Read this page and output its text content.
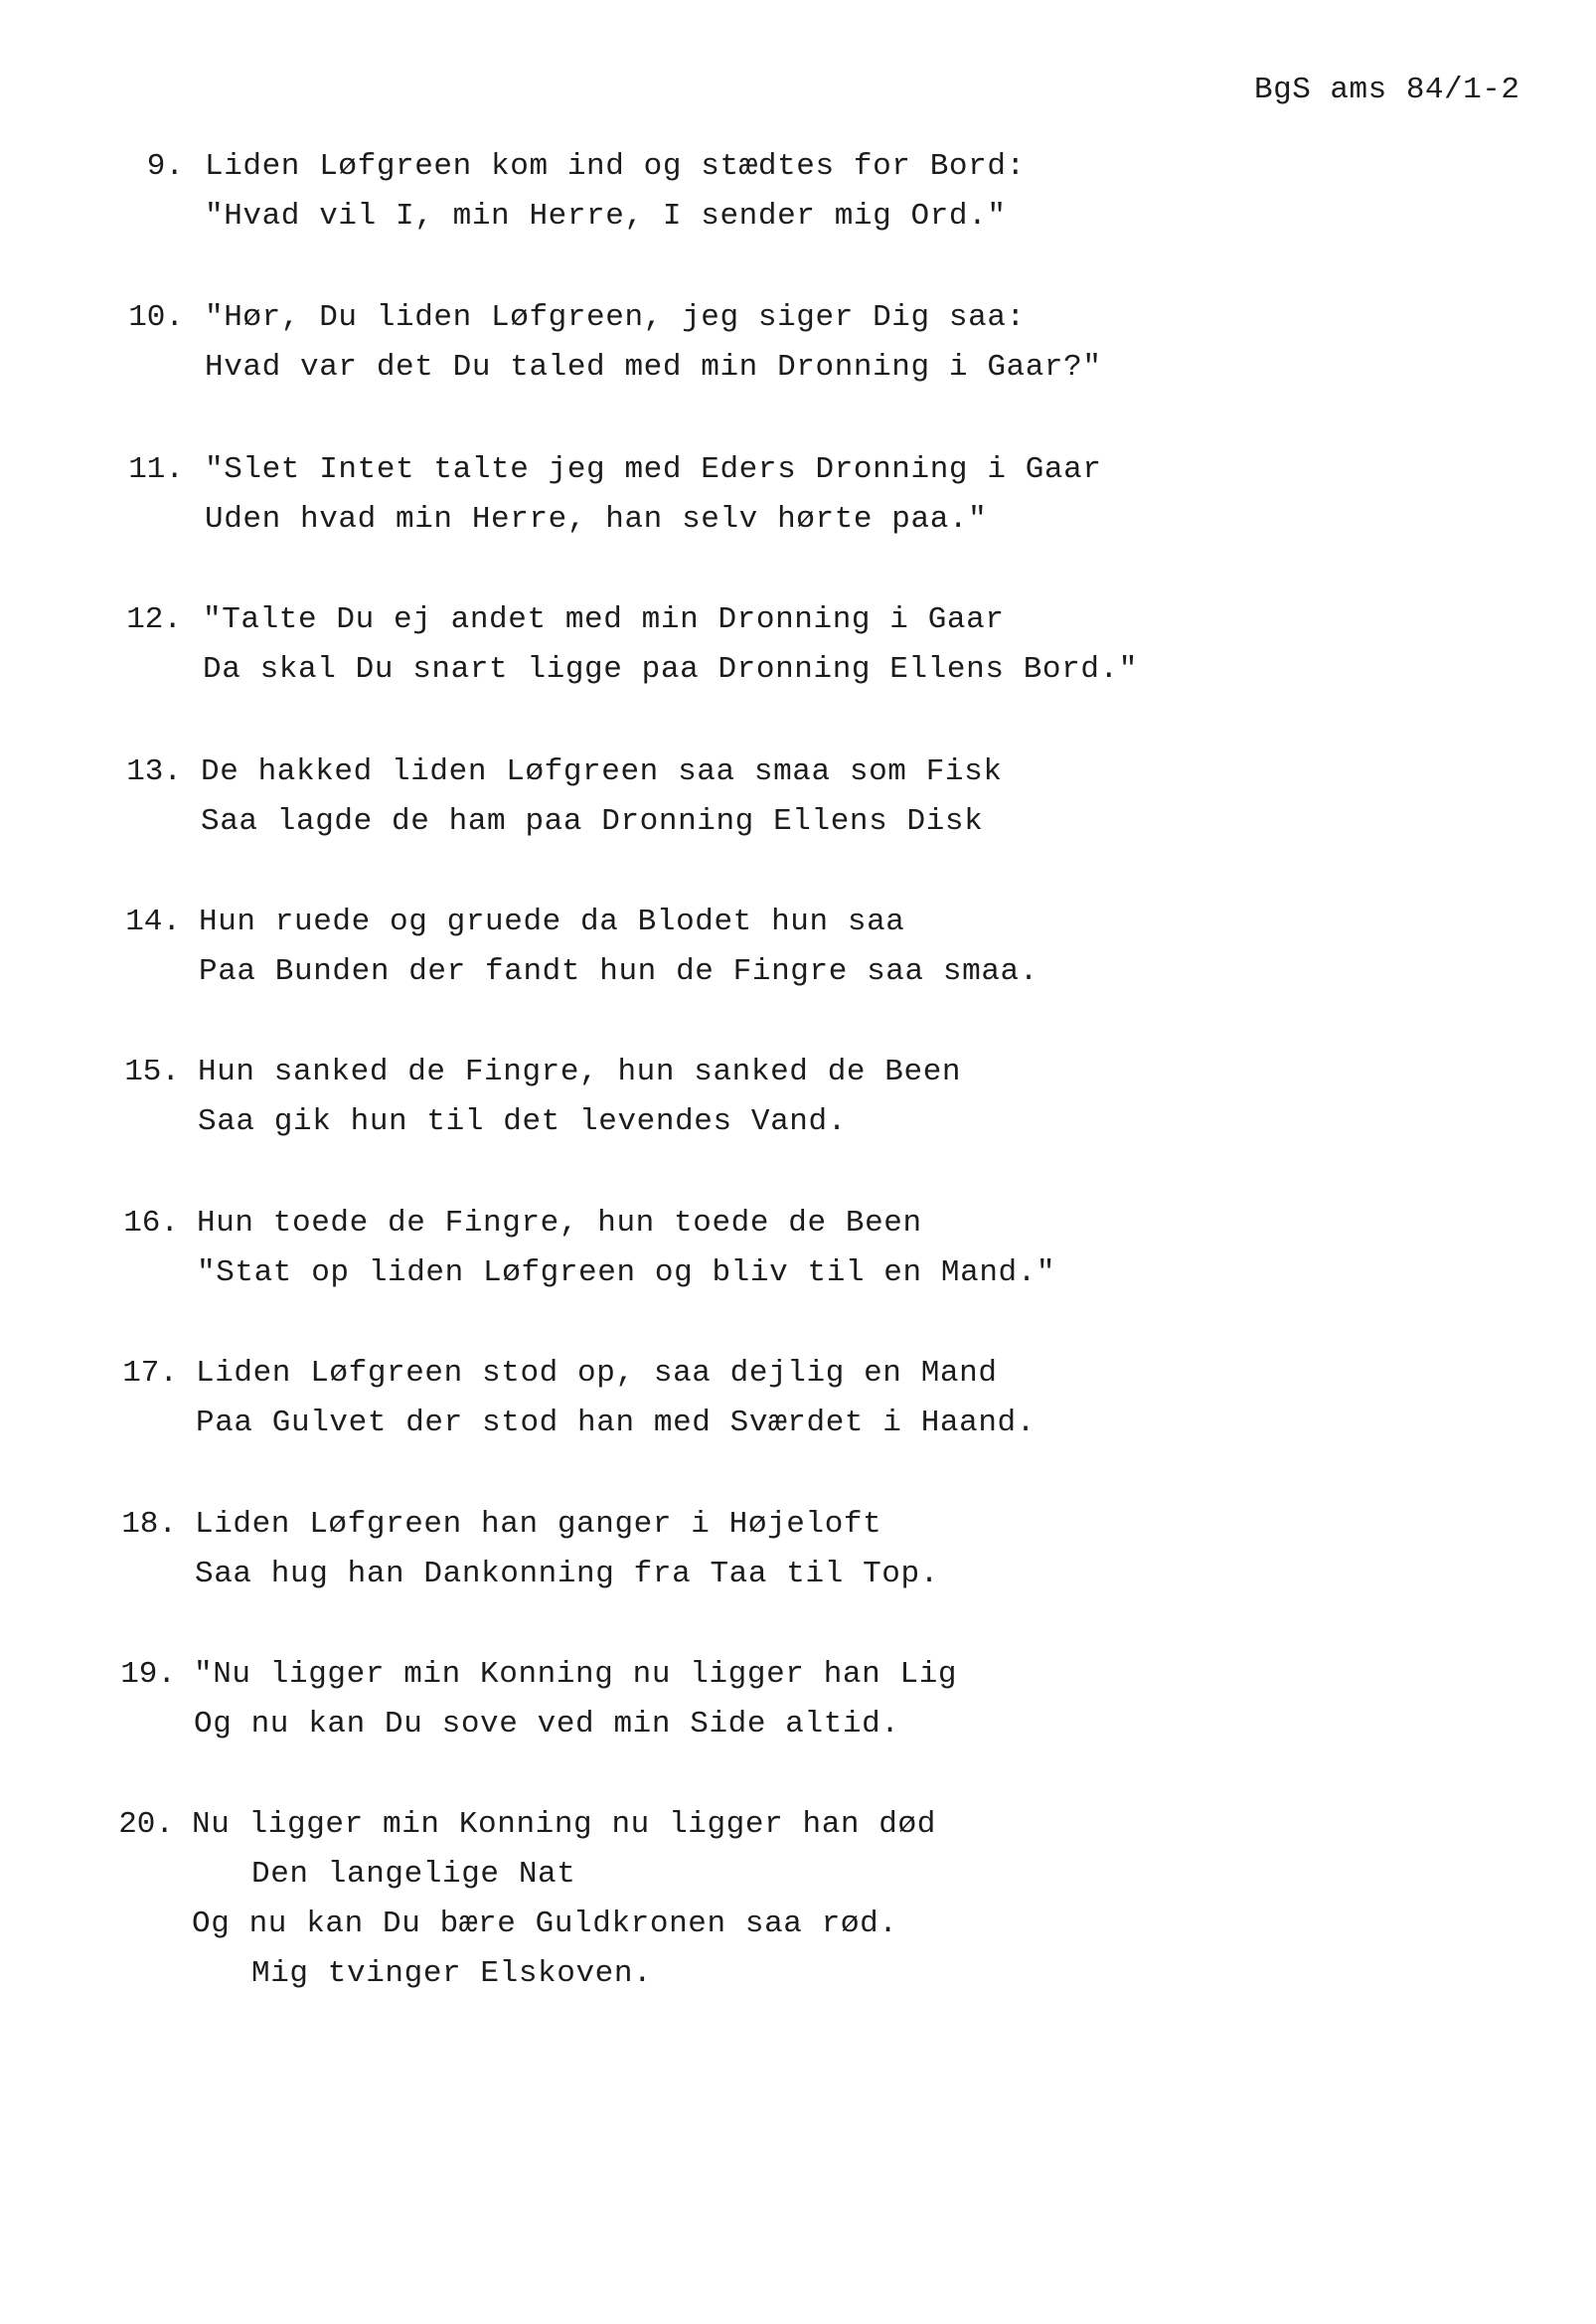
BgS ams 84/1-2
9. Liden Løfgreen kom ind og stædtes for Bord:
"Hvad vil I, min Herre, I sender mig Ord."
10. "Hør, Du liden Løfgreen, jeg siger Dig saa:
Hvad var det Du taled med min Dronning i Gaar?"
11. "Slet Intet talte jeg med Eders Dronning i Gaar
Uden hvad min Herre, han selv hørte paa."
12. "Talte Du ej andet med min Dronning i Gaar
Da skal Du snart ligge paa Dronning Ellens Bord."
13. De hakked liden Løfgreen saa smaa som Fisk
Saa lagde de ham paa Dronning Ellens Disk
14. Hun ruede og gruede da Blodet hun saa
Paa Bunden der fandt hun de Fingre saa smaa.
15. Hun sanked de Fingre, hun sanked de Been
Saa gik hun til det levendes Vand.
16. Hun toede de Fingre, hun toede de Been
"Stat op liden Løfgreen og bliv til en Mand."
17. Liden Løfgreen stod op, saa dejlig en Mand
Paa Gulvet der stod han med Sværdet i Haand.
18. Liden Løfgreen han ganger i Højeloft
Saa hug han Dankonning fra Taa til Top.
19. "Nu ligger min Konning nu ligger han Lig
Og nu kan Du sove ved min Side altid.
20. Nu ligger min Konning nu ligger han død
Den langelige Nat
Og nu kan Du bære Guldkronen saa rød.
Mig tvinger Elskoven.
